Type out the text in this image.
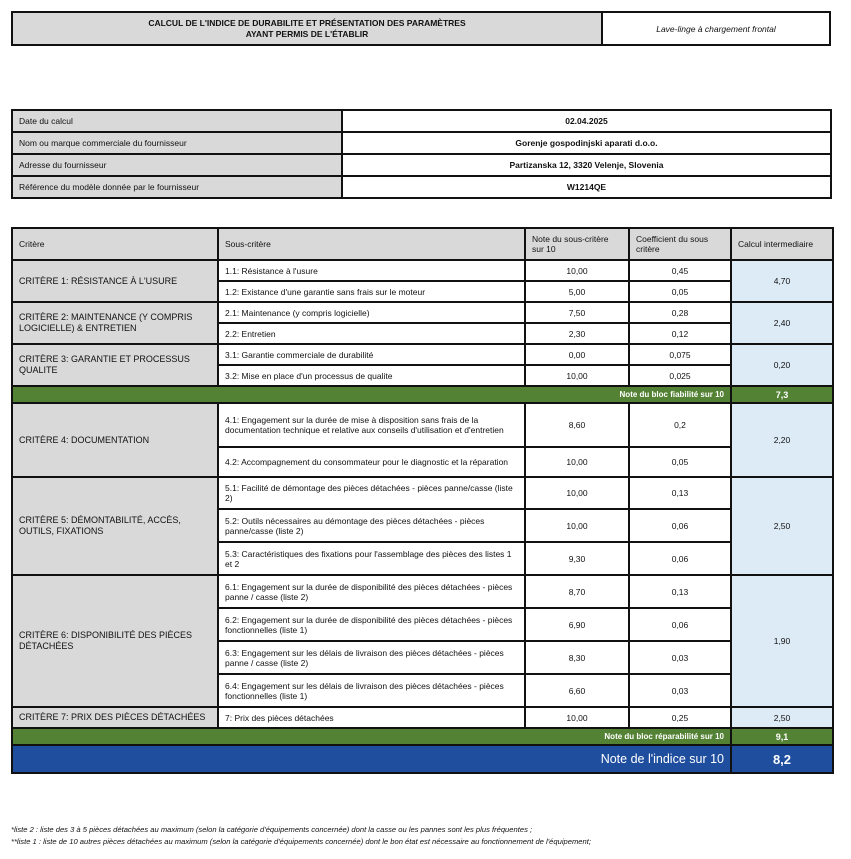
CALCUL DE L'INDICE DE DURABILITE ET PRÉSENTATION DES PARAMÈTRES
AYANT PERMIS DE L'ÉTABLIR	Lave-linge à chargement frontal
Date du calcul	02.04.2025
Nom ou marque commerciale du fournisseur	Gorenje gospodinjski aparati d.o.o.
Adresse du fournisseur	Partizanska 12, 3320 Velenje, Slovenia
Référence du modèle donnée par le fournisseur	W1214QE
Critère	Sous-critère	Note du sous-critère sur 10	Coefficient du sous critère	Calcul intermediaire
CRITÈRE 1: RÉSISTANCE À L'USURE	1.1: Résistance à l'usure	10,00	0,45	4,70
	1.2: Existance d'une garantie sans frais sur le moteur	5,00	0,05	
CRITÈRE 2: MAINTENANCE (Y COMPRIS LOGICIELLE) & ENTRETIEN	2.1: Maintenance (y compris logicielle)	7,50	0,28	2,40
	2.2: Entretien	2,30	0,12	
CRITÈRE 3: GARANTIE ET PROCESSUS QUALITE	3.1: Garantie commerciale de durabilité	0,00	0,075	0,20
	3.2: Mise en place d'un processus de qualite	10,00	0,025	
Note du bloc fiabilité sur 10				7,3
CRITÈRE 4: DOCUMENTATION	4.1: Engagement sur la durée de mise à disposition sans frais de la documentation technique et relative aux conseils d'utilisation et d'entretien	8,60	0,2	2,20
	4.2: Accompagnement du consommateur pour le diagnostic et la réparation	10,00	0,05	
CRITÈRE 5: DÉMONTABILITÉ, ACCÈS, OUTILS, FIXATIONS	5.1: Facilité de démontage des pièces détachées - pièces panne/casse (liste 2)	10,00	0,13	2,50
	5.2: Outils nécessaires au démontage des pièces détachées - pièces panne/casse (liste 2)	10,00	0,06	
	5.3: Caractéristiques des fixations pour l'assemblage des pièces des listes 1 et 2	9,30	0,06	
CRITÈRE 6: DISPONIBILITÉ DES PIÈCES DÉTACHÉES	6.1: Engagement sur la durée de disponibilité des pièces détachées - pièces panne / casse (liste 2)	8,70	0,13	1,90
	6.2: Engagement sur la durée de disponibilité des pièces détachées - pièces fonctionnelles (liste 1)	6,90	0,06	
	6.3: Engagement sur les délais de livraison des pièces détachées - pièces panne / casse (liste 2)	8,30	0,03	
	6.4: Engagement sur les délais de livraison des pièces détachées - pièces fonctionnelles (liste 1)	6,60	0,03	
CRITÈRE 7: PRIX DES PIÈCES DÉTACHÉES	7: Prix des pièces détachées	10,00	0,25	2,50
Note du bloc réparabilité sur 10				9,1
Note de l'indice sur 10				8,2
*liste 2 : liste des 3 à 5 pièces détachées au maximum (selon la catégorie d'équipements concernée) dont la casse ou les pannes sont les plus fréquentes ;
**liste 1 : liste de 10 autres pièces détachées au maximum (selon la catégorie d'équipements concernée) dont le bon état est nécessaire au fonctionnement de l'équipement;
